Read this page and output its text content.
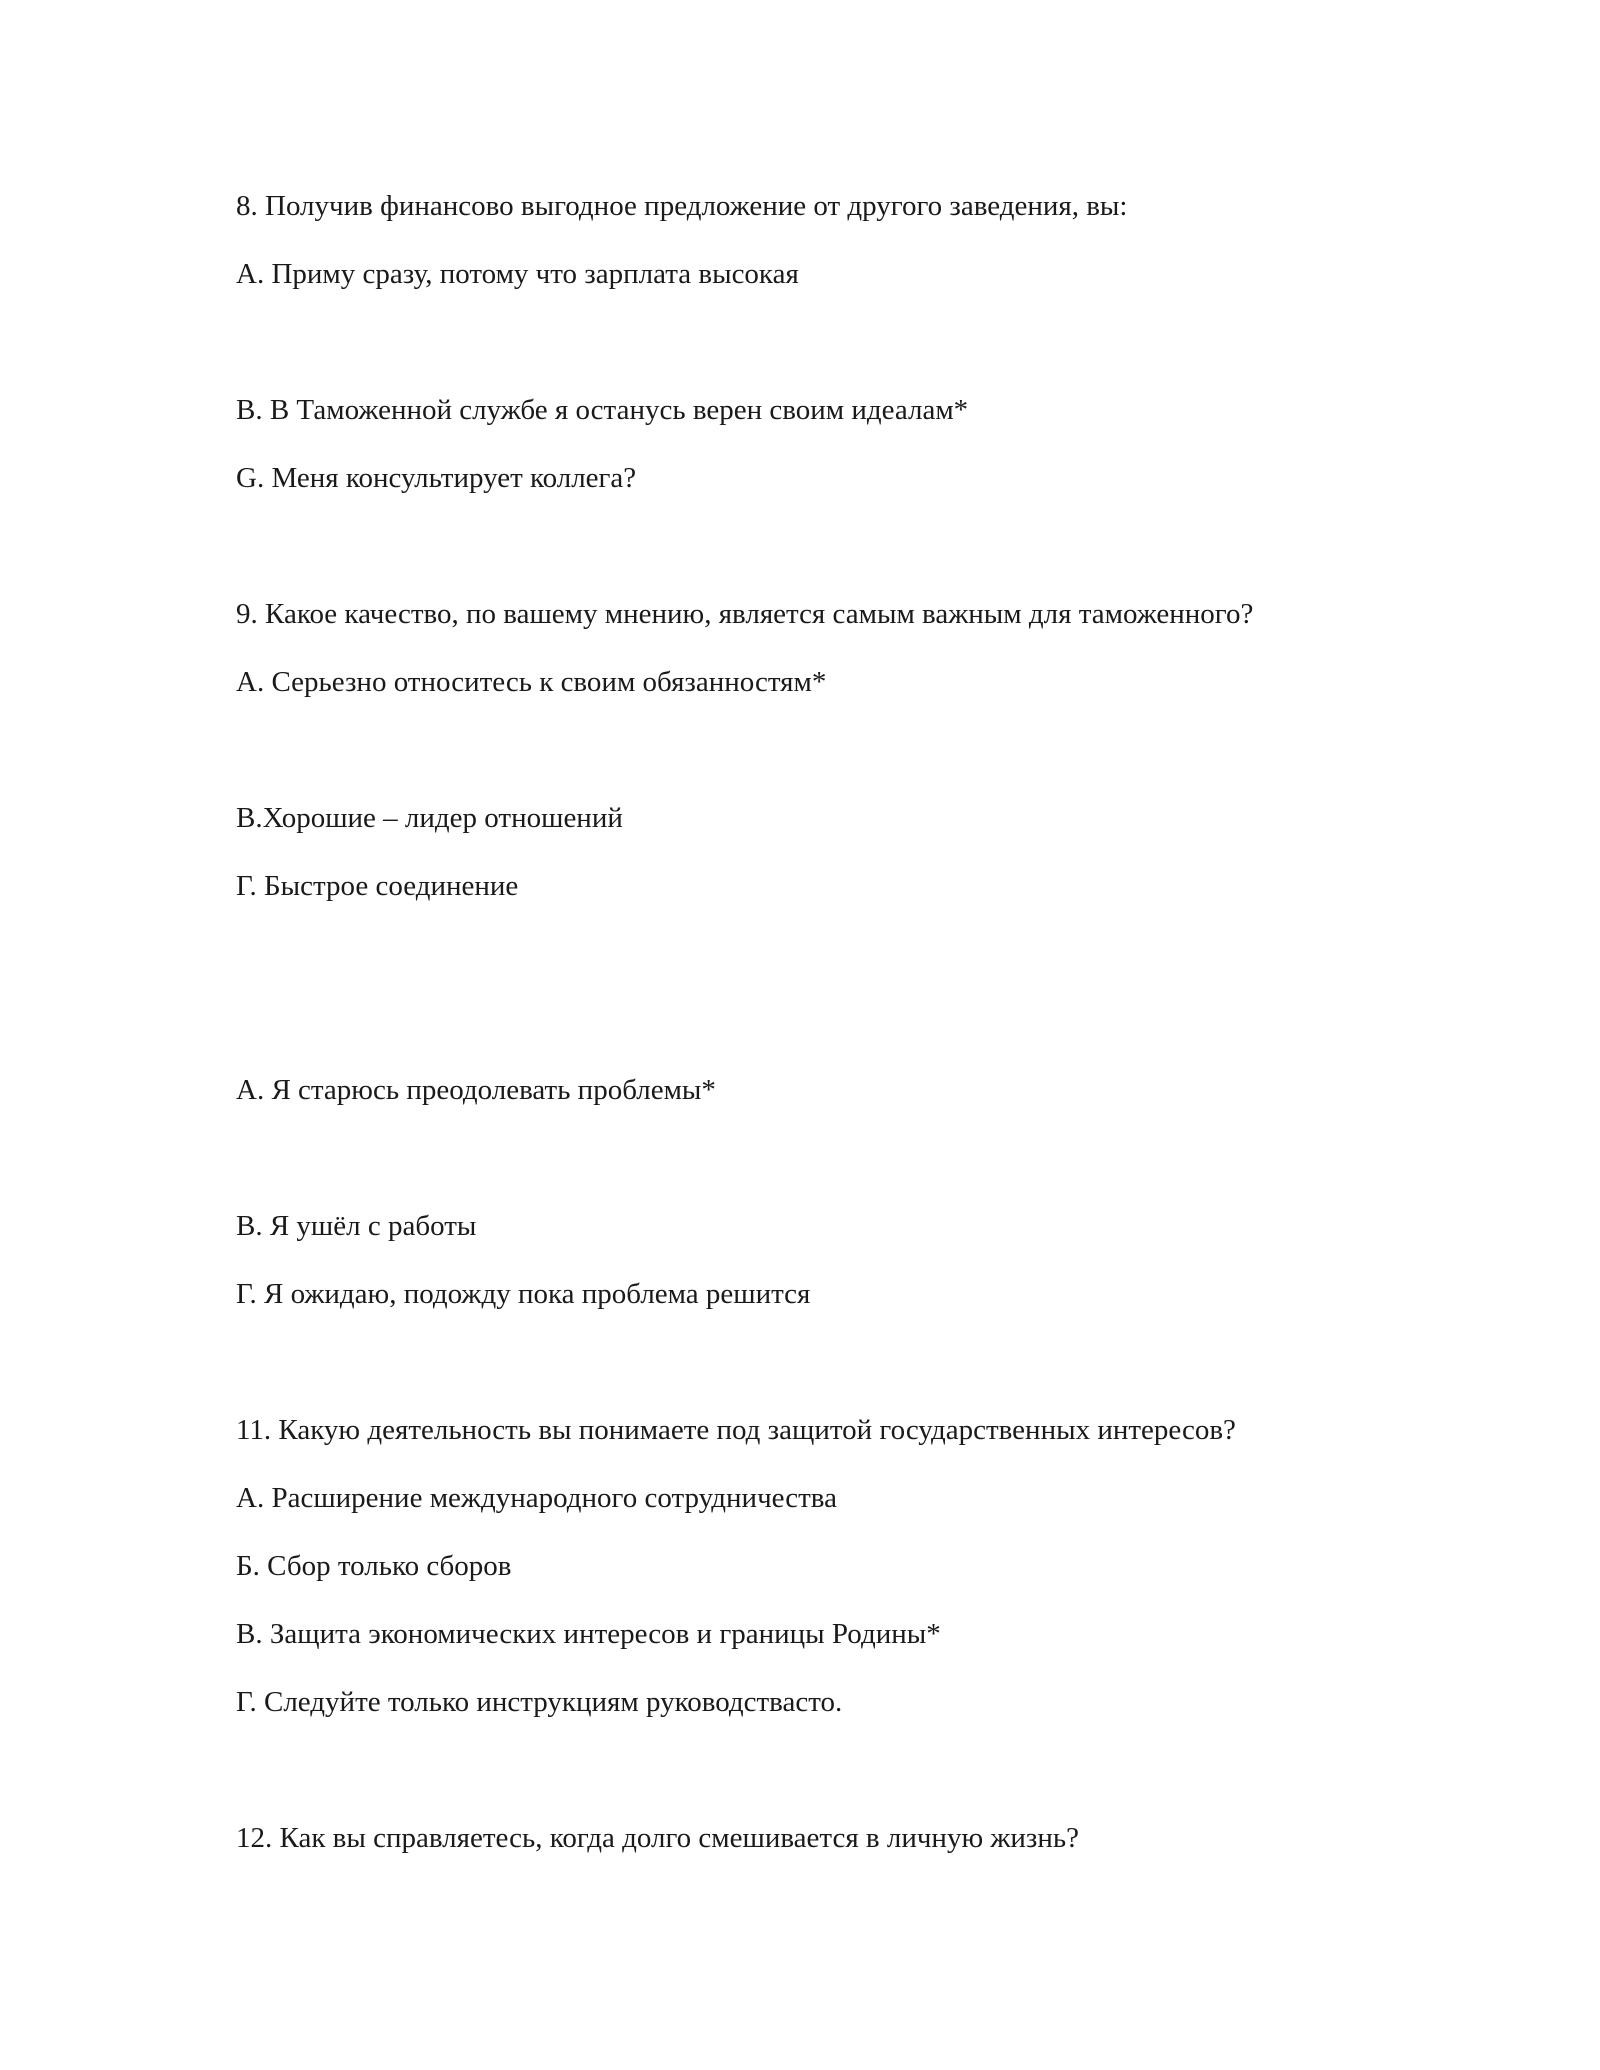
8. Получив финансово выгодное предложение от другого заведения, вы:

A. Приму сразу, потому что зарплата высокая

B. В Таможенной службе я останусь верен своим идеалам*

G. Меня консультирует коллега?

9. Какое качество, по вашему мнению, является самым важным для таможенного?

А. Серьезно относитесь к своим обязанностям*

B.Хорошие – лидер отношений

Г. Быстрое соединение

А. Я старюсь преодолевать проблемы*

B. Я ушёл с работы

Г. Я ожидаю, подожду пока проблема решится

11. Какую деятельность вы понимаете под защитой государственных интересов?

А. Расширение международного сотрудничества

Б. Сбор только сборов

В. Защита экономических интересов и границы Родины*

Г. Следуйте только инструкциям руководствасто.

12. Как вы справляетесь, когда долго смешивается в личную жизнь?
